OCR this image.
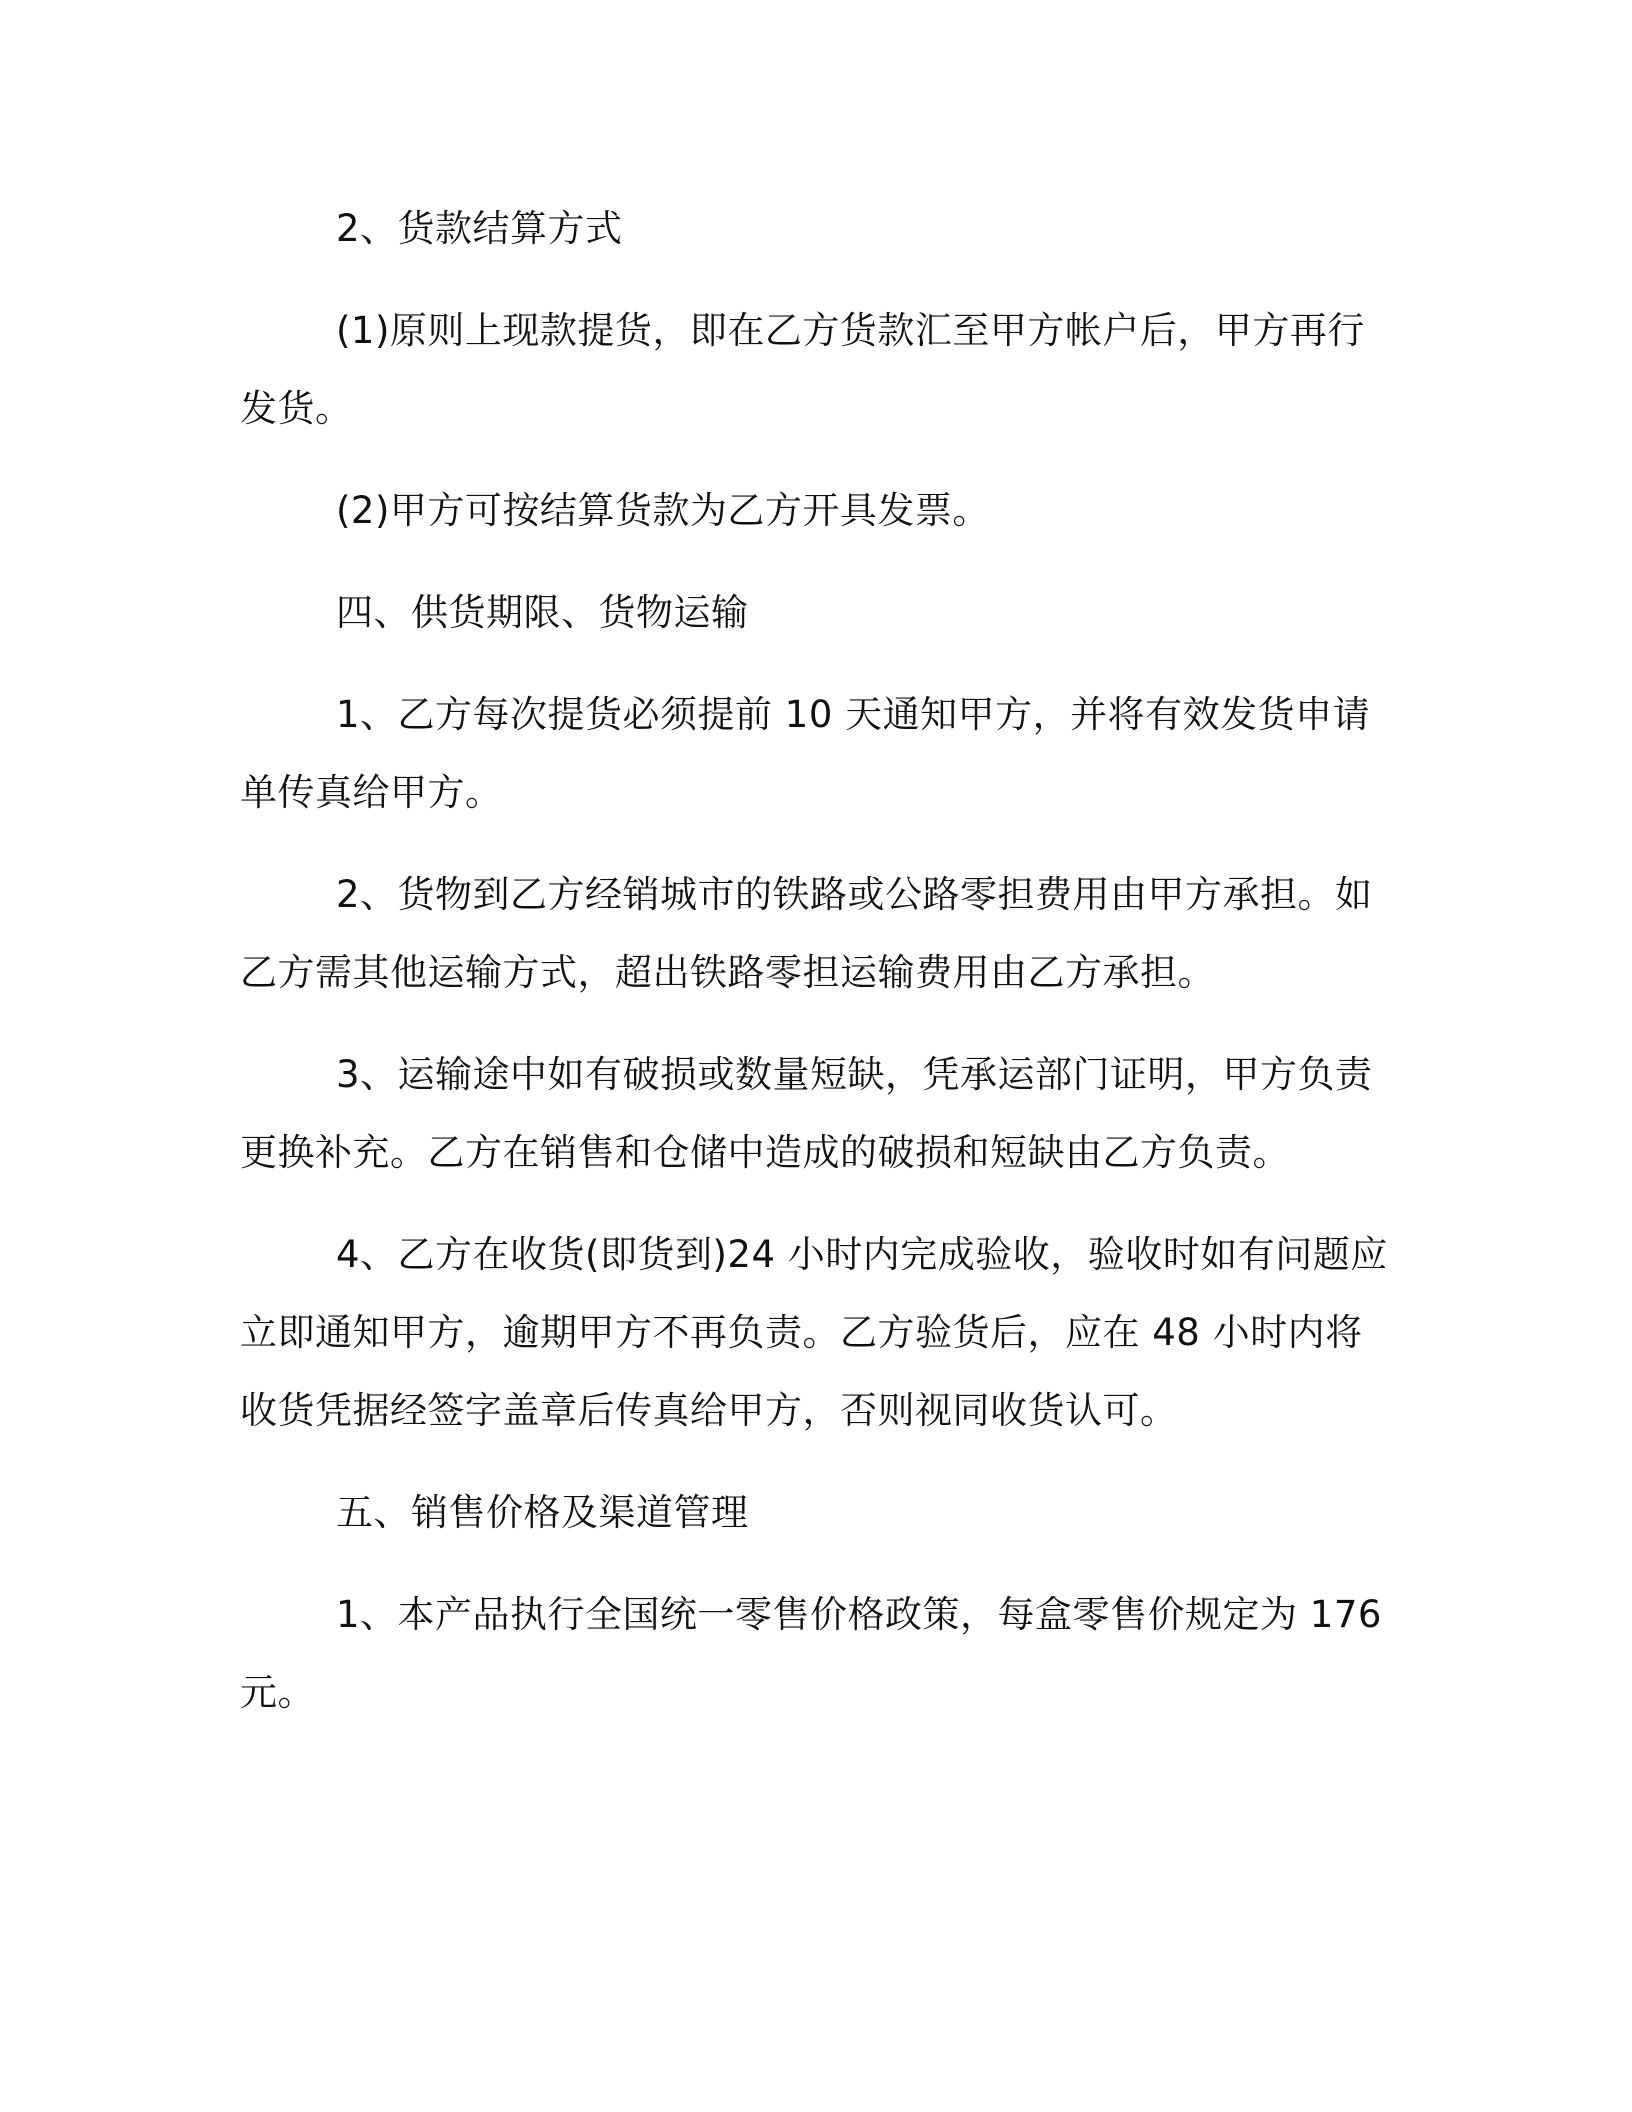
2、货款结算方式

(1)原则上现款提货，即在乙方货款汇至甲方帐户后，甲方再行发货。

(2)甲方可按结算货款为乙方开具发票。

四、供货期限、货物运输

1、乙方每次提货必须提前 10 天通知甲方，并将有效发货申请单传真给甲方。

2、货物到乙方经销城市的铁路或公路零担费用由甲方承担。如乙方需其他运输方式，超出铁路零担运输费用由乙方承担。

3、运输途中如有破损或数量短缺，凭承运部门证明，甲方负责更换补充。乙方在销售和仓储中造成的破损和短缺由乙方负责。

4、乙方在收货(即货到)24 小时内完成验收，验收时如有问题应立即通知甲方，逾期甲方不再负责。乙方验货后，应在 48 小时内将收货凭据经签字盖章后传真给甲方，否则视同收货认可。

五、销售价格及渠道管理

1、本产品执行全国统一零售价格政策，每盒零售价规定为 176 元。
